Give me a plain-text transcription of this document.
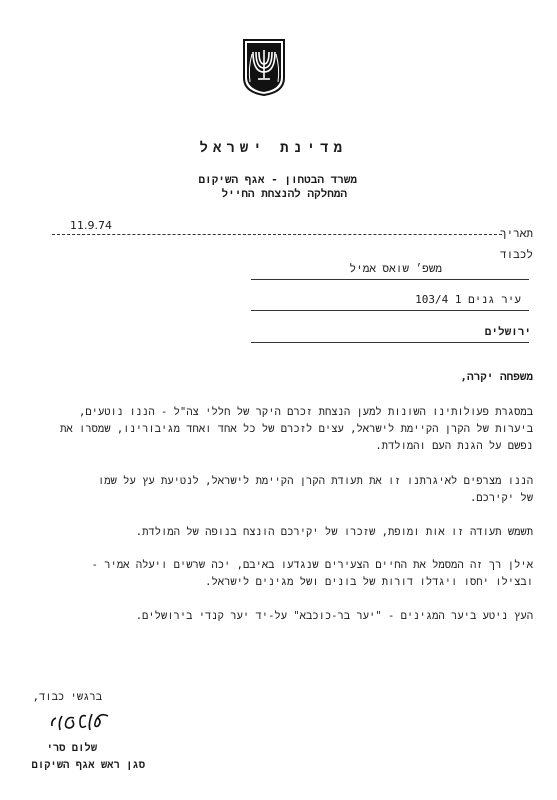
מדינת ישראל
משרד הבטחון - אגף השיקום
המחלקה להנצחת החייל
11.9.74
תאריך
לכבוד
משפ׳ שואס אמיל
עיר גנים 1 103/4
ירושלים
משפחה יקרה,
במסגרת פעולותינו השונות למען הנצחת זכרם היקר של חללי צה"ל - הננו נוטעים,
ביערות של הקרן הקיימת לישראל, עצים לזכרם של כל אחד ואחד מגיבורינו, שמסרו את
נפשם על הגנת העם והמולדת.
הננו מצרפים לאיגרתנו זו את תעודת הקרן הקיימת לישראל, לנטיעת עץ על שמו
של יקירכם.
תשמש תעודה זו אות ומופת, שזכרו של יקירכם הונצח בנופה של המולדת.
אילן רך זה המסמל את החיים הצעירים שנגדעו באיבם, יכה שרשים ויעלה אמיר -
ובצילו יחסו ויגדלו דורות של בונים ושל מגינים לישראל.
העץ ניטע ביער המגינים - "יער בר-כוכבא" על-יד יער קנדי בירושלים.
ברגשי כבוד,
שלום סרי
סגן ראש אגף השיקום
